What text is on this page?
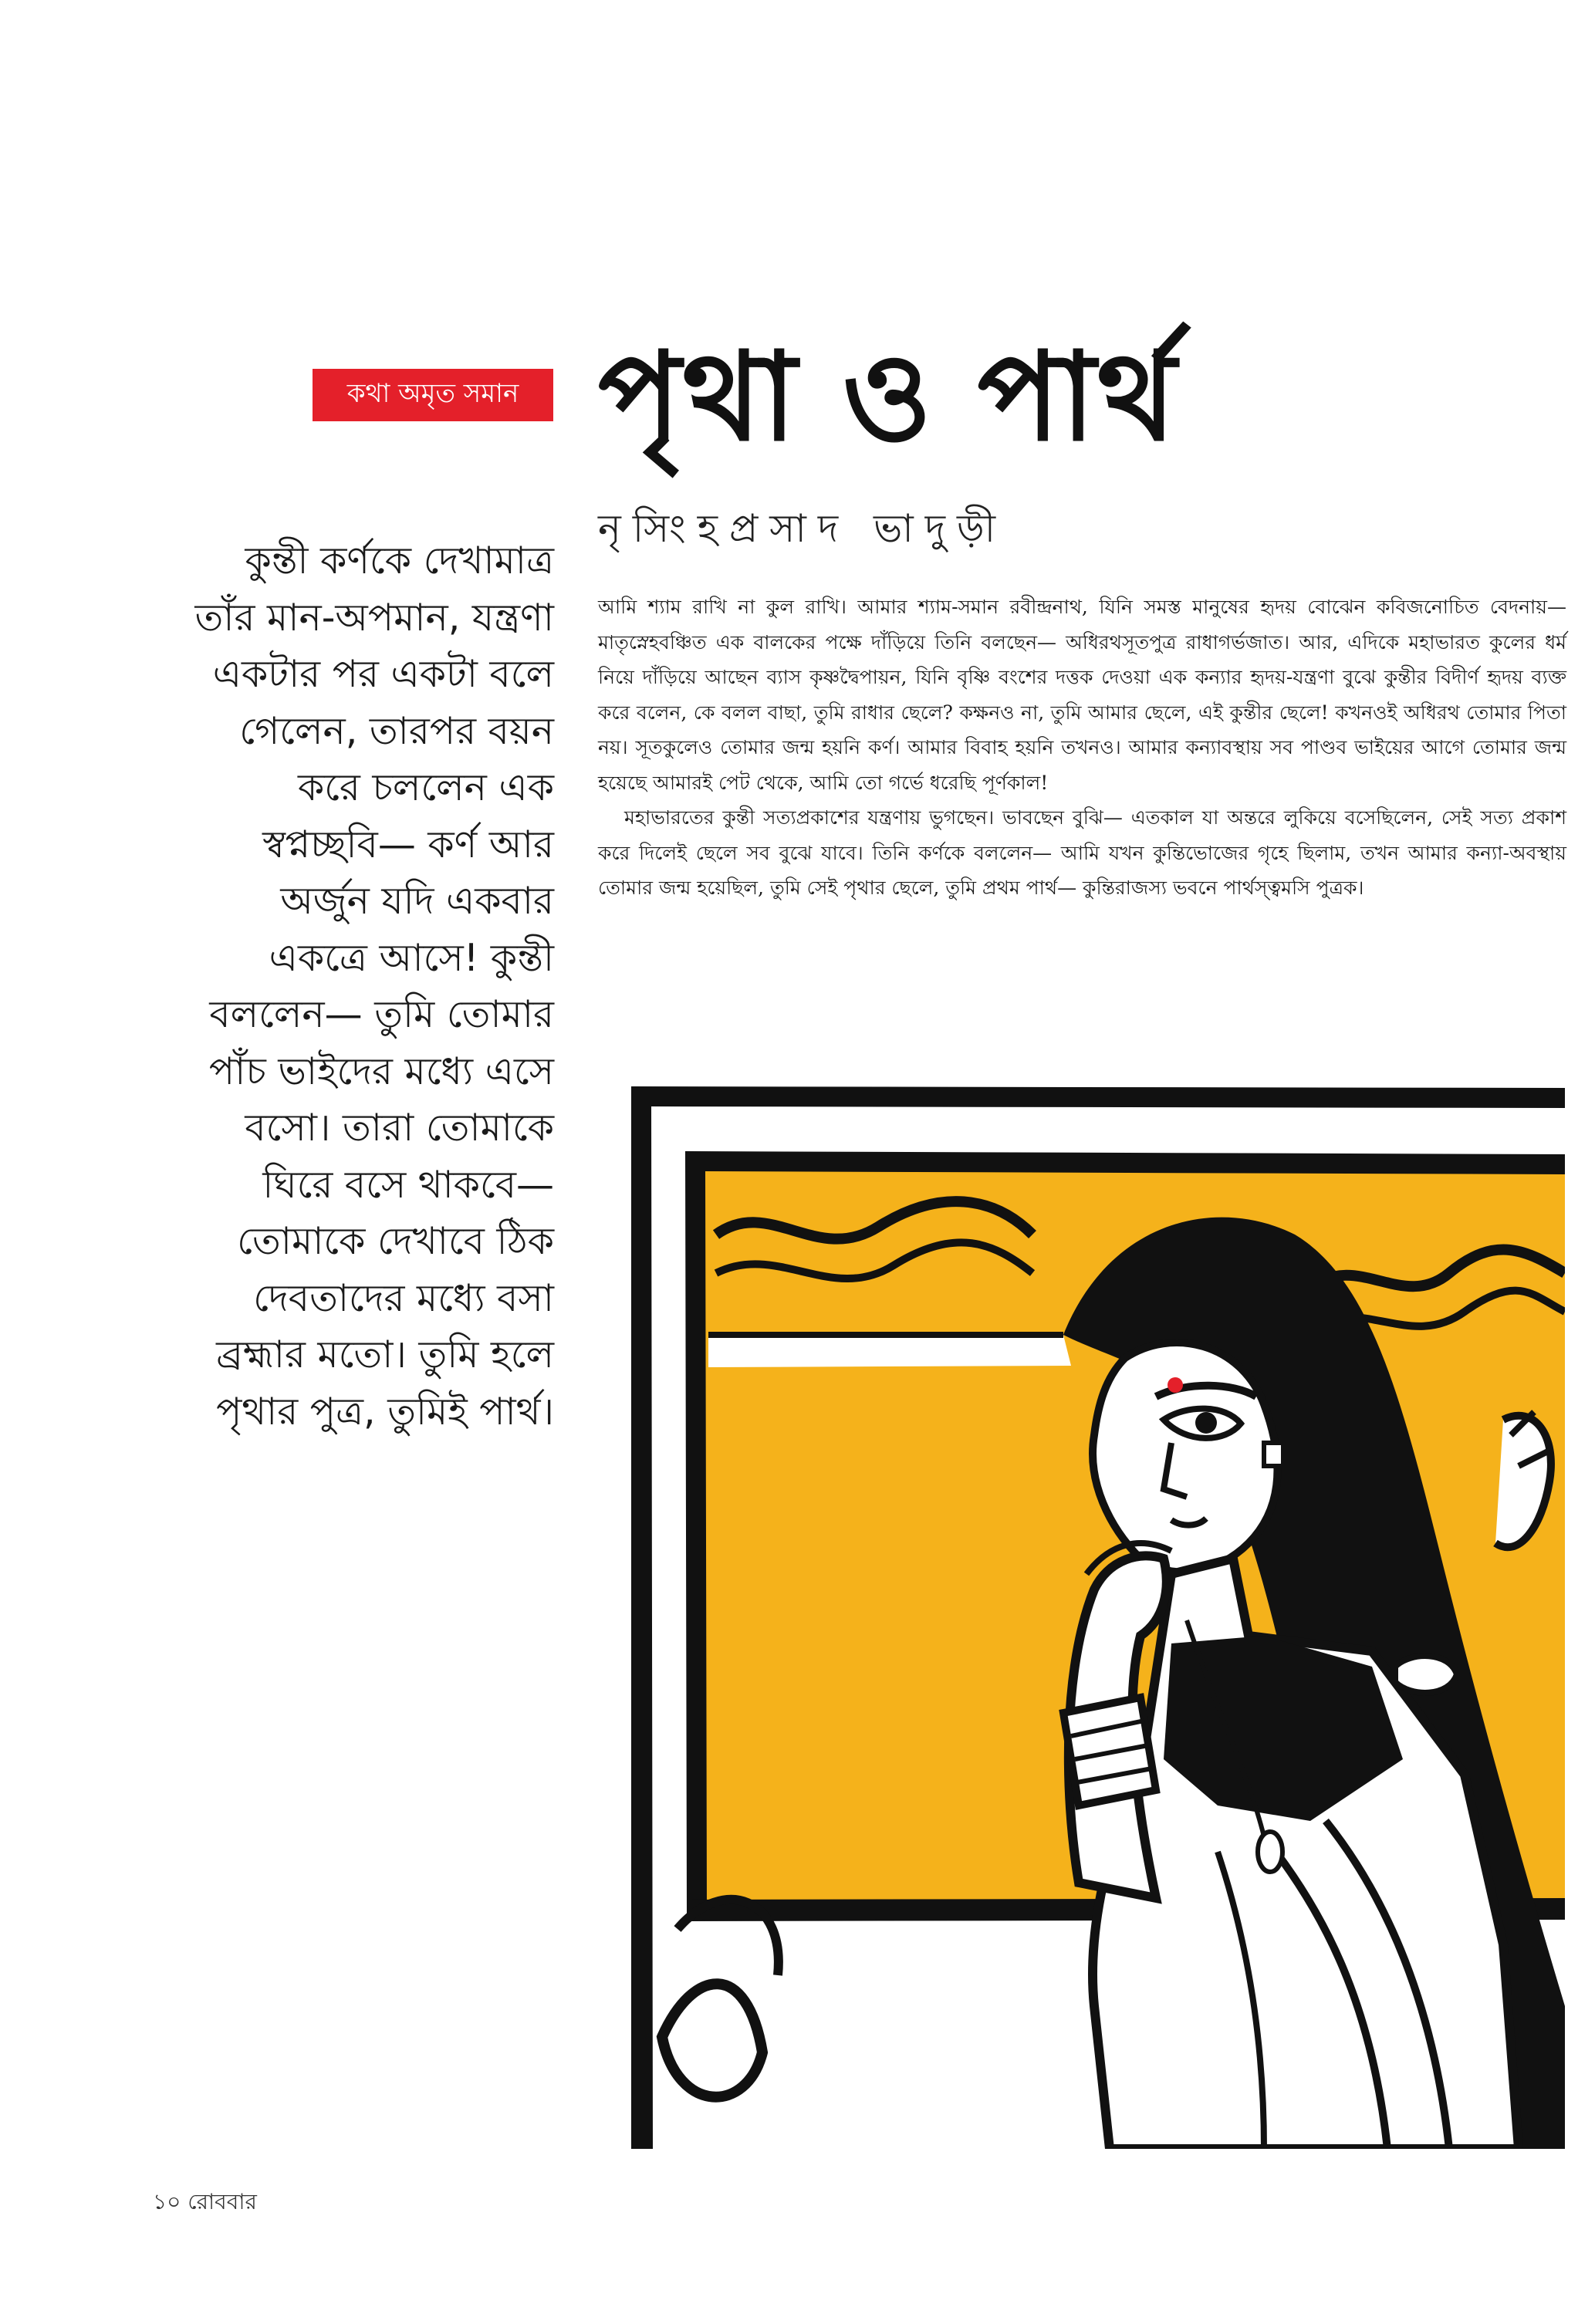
কথা অমৃত সমান পৃথা ও পার্থ
নৃসিংহপ্রসাদ ভাদুড়ী
কুন্তী কর্ণকে দেখামাত্র
তাঁর মান-অপমান, যন্ত্রণা
একটার পর একটা বলে
গেলেন, তারপর বয়ন
করে চললেন এক
স্বপ্নচ্ছবি— কর্ণ আর
অর্জুন যদি একবার
একত্রে আসে! কুন্তী
বললেন— তুমি তোমার
পাঁচ ভাইদের মধ্যে এসে
বসো। তারা তোমাকে
ঘিরে বসে থাকবে—
তোমাকে দেখাবে ঠিক
দেবতাদের মধ্যে বসা
ব্রহ্মার মতো। তুমি হলে
পৃথার পুত্র, তুমিই পার্থ।

আমি শ্যাম রাখি না কুল রাখি। আমার শ্যাম-সমান রবীন্দ্রনাথ, যিনি সমস্ত মানুষের হৃদয় বোঝেন কবিজনোচিত বেদনায়— মাতৃস্নেহবঞ্চিত এক বালকের পক্ষে দাঁড়িয়ে তিনি বলছেন— অধিরথসূতপুত্র রাধাগর্ভজাত। আর, এদিকে মহাভারত কুলের ধর্ম নিয়ে দাঁড়িয়ে আছেন ব্যাস কৃষ্ণদ্বৈপায়ন, যিনি বৃষ্ণি বংশের দত্তক দেওয়া এক কন্যার হৃদয়-যন্ত্রণা বুঝে কুন্তীর বিদীর্ণ হৃদয় ব্যক্ত করে বলেন, কে বলল বাছা, তুমি রাধার ছেলে? কক্ষনও না, তুমি আমার ছেলে, এই কুন্তীর ছেলে! কখনওই অধিরথ তোমার পিতা নয়। সূতকুলেও তোমার জন্ম হয়নি কর্ণ। আমার বিবাহ হয়নি তখনও। আমার কন্যাবস্থায় সব পাণ্ডব ভাইয়ের আগে তোমার জন্ম হয়েছে আমারই পেট থেকে, আমি তো গর্ভে ধরেছি পূর্ণকাল!

মহাভারতের কুন্তী সত্যপ্রকাশের যন্ত্রণায় ভুগছেন। ভাবছেন বুঝি— এতকাল যা অন্তরে লুকিয়ে বসেছিলেন, সেই সত্য প্রকাশ করে দিলেই ছেলে সব বুঝে যাবে। তিনি কর্ণকে বললেন— আমি যখন কুন্তিভোজের গৃহে ছিলাম, তখন আমার কন্যা-অবস্থায় তোমার জন্ম হয়েছিল, তুমি সেই পৃথার ছেলে, তুমি প্রথম পার্থ— কুন্তিরাজস্য ভবনে পার্থস্ত্বমসি পুত্রক।

১০ রোববার
